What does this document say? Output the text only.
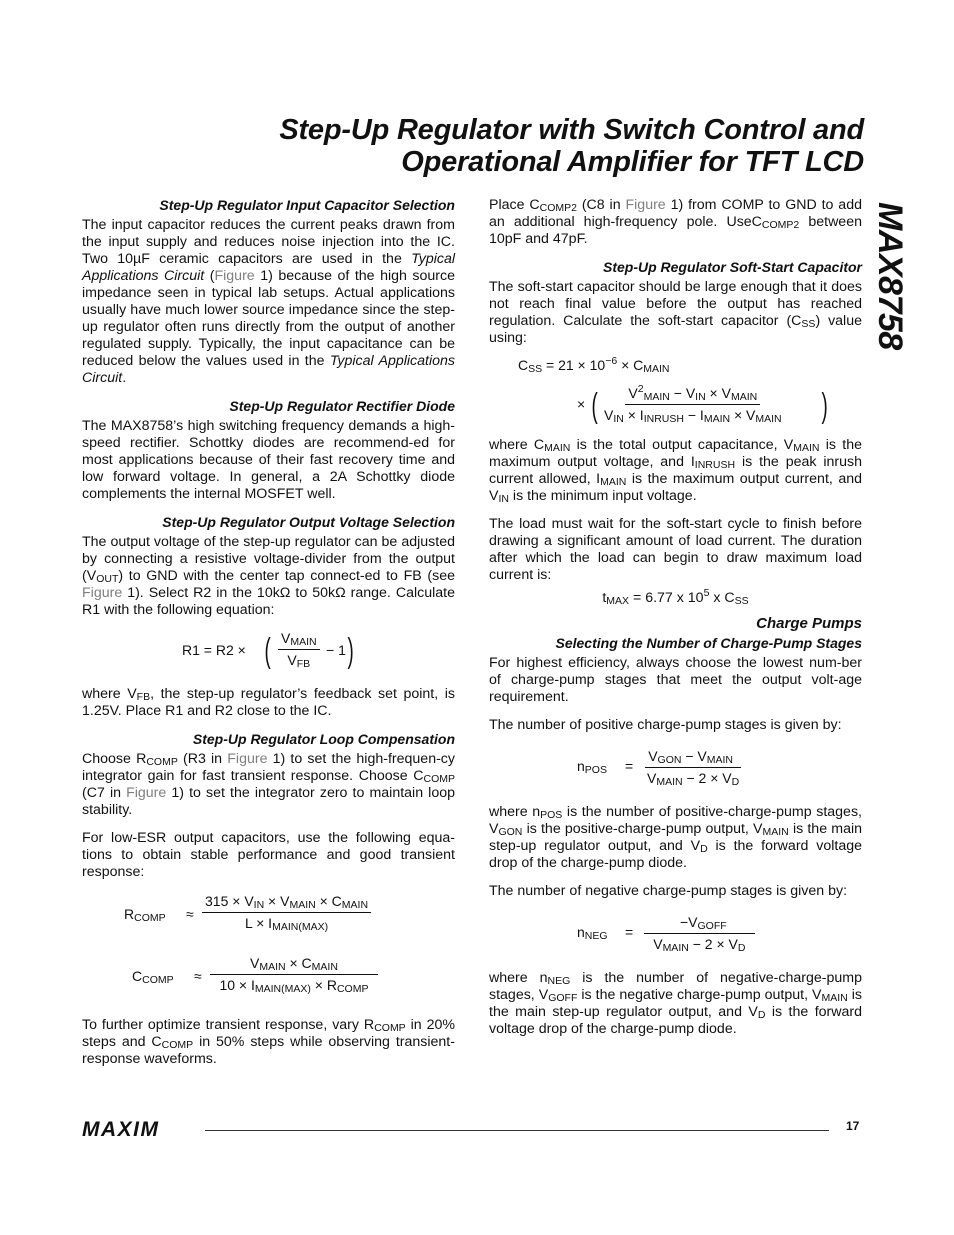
Step-Up Regulator with Switch Control and
Operational Amplifier for TFT LCD
MAX8758
Step-Up Regulator Input Capacitor Selection

The input capacitor reduces the current peaks drawn from the input supply and reduces noise injection into the IC. Two 10µF ceramic capacitors are used in the Typical Applications Circuit (Figure 1) because of the high source impedance seen in typical lab setups. Actual applications usually have much lower source impedance since the step-up regulator often runs directly from the output of another regulated supply. Typically, the input capacitance can be reduced below the values used in the Typical Applications Circuit.

Step-Up Regulator Rectifier Diode

The MAX8758’s high switching frequency demands a high-speed rectifier. Schottky diodes are recommend-ed for most applications because of their fast recovery time and low forward voltage. In general, a 2A Schottky diode complements the internal MOSFET well.

Step-Up Regulator Output Voltage Selection

The output voltage of the step-up regulator can be adjusted by connecting a resistive voltage-divider from the output $(V_{OUT})$ to GND with the center tap connect-ed to FB (see Figure 1). Select R2 in the 10kΩ to 50kΩ range. Calculate R1 with the following equation:

R1 = R2 × ( $V_{MAIN}$
$V_{FB}$
− 1 )

where $V_{FB}$, the step-up regulator’s feedback set point, is 1.25V. Place R1 and R2 close to the IC.

Step-Up Regulator Loop Compensation

Choose $R_{COMP}$ (R3 in Figure 1) to set the high-frequen-cy integrator gain for fast transient response. Choose $C_{COMP}$ (C7 in Figure 1) to set the integrator zero to maintain loop stability.

For low-ESR output capacitors, use the following equa-tions to obtain stable performance and good transient response:

$R_{COMP}$ ≈
$315 \times V_{IN} \times V_{MAIN} \times C_{MAIN}$
$L \times I_{MAIN(MAX)}$
$C_{COMP}$ ≈
$V_{MAIN} \times C_{MAIN}$
$10 \times I_{MAIN(MAX)} \times R_{COMP}$

To further optimize transient response, vary $R_{COMP}$ in 20% steps and $C_{COMP}$ in 50% steps while observing transient-response waveforms.

Place $C_{COMP2}$ (C8 in Figure 1) from COMP to GND to add an additional high-frequency pole. UseC$_{COMP2}$ between 10pF and 47pF.

Step-Up Regulator Soft-Start Capacitor

The soft-start capacitor should be large enough that it does not reach final value before the output has reached regulation. Calculate the soft-start capacitor $(C_{SS})$ value using:

$C_{SS} = 21 \times 10^{-6} \times C_{MAIN}$
× ( $V^2_{MAIN} - V_{IN} \times V_{MAIN}$
$V_{IN} \times I_{INRUSH} - I_{MAIN} \times V_{MAIN}$ )

where $C_{MAIN}$ is the total output capacitance, $V_{MAIN}$ is the maximum output voltage, and $I_{INRUSH}$ is the peak inrush current allowed, $I_{MAIN}$ is the maximum output current, and $V_{IN}$ is the minimum input voltage.

The load must wait for the soft-start cycle to finish before drawing a significant amount of load current. The duration after which the load can begin to draw maximum load current is:

$t_{MAX} = 6.77$ x $10^5$ x $C_{SS}$
Charge Pumps
Selecting the Number of Charge-Pump Stages

For highest efficiency, always choose the lowest num-ber of charge-pump stages that meet the output volt-age requirement.

The number of positive charge-pump stages is given by:

$n_{POS}$ =
$V_{GON} - V_{MAIN}$
$V_{MAIN} - 2 \times V_D$

where $n_{POS}$ is the number of positive-charge-pump stages, $V_{GON}$ is the positive-charge-pump output, $V_{MAIN}$ is the main step-up regulator output, and $V_D$ is the forward voltage drop of the charge-pump diode.

The number of negative charge-pump stages is given by:

$n_{NEG}$ =
$-V_{GOFF}$
$V_{MAIN} - 2 \times V_D$

where $n_{NEG}$ is the number of negative-charge-pump stages, $V_{GOFF}$ is the negative charge-pump output, $V_{MAIN}$ is the main step-up regulator output, and $V_D$ is the forward voltage drop of the charge-pump diode.

MAXIM	17
